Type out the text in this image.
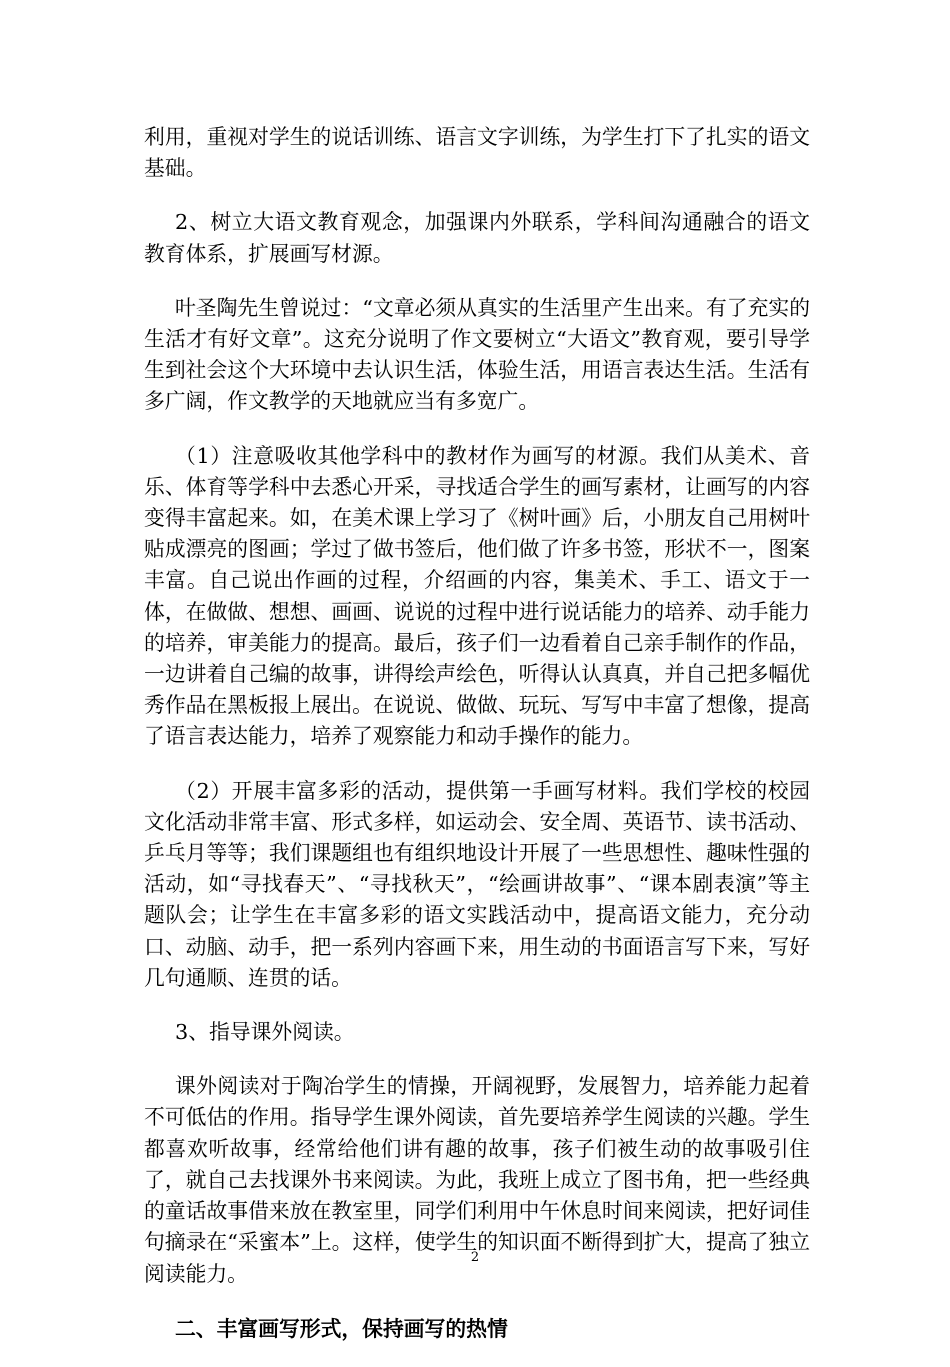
利用，重视对学生的说话训练、语言文字训练，为学生打下了扎实的语文基础。

2、树立大语文教育观念，加强课内外联系，学科间沟通融合的语文教育体系，扩展画写材源。

叶圣陶先生曾说过：“文章必须从真实的生活里产生出来。有了充实的生活才有好文章”。这充分说明了作文要树立“大语文”教育观，要引导学生到社会这个大环境中去认识生活，体验生活，用语言表达生活。生活有多广阔，作文教学的天地就应当有多宽广。

（1）注意吸收其他学科中的教材作为画写的材源。我们从美术、音乐、体育等学科中去悉心开采，寻找适合学生的画写素材，让画写的内容变得丰富起来。如，在美术课上学习了《树叶画》后，小朋友自己用树叶贴成漂亮的图画；学过了做书签后，他们做了许多书签，形状不一，图案丰富。自己说出作画的过程，介绍画的内容，集美术、手工、语文于一体，在做做、想想、画画、说说的过程中进行说话能力的培养、动手能力的培养，审美能力的提高。最后，孩子们一边看着自己亲手制作的作品，一边讲着自己编的故事，讲得绘声绘色，听得认认真真，并自己把多幅优秀作品在黑板报上展出。在说说、做做、玩玩、写写中丰富了想像，提高了语言表达能力，培养了观察能力和动手操作的能力。

（2）开展丰富多彩的活动，提供第一手画写材料。我们学校的校园文化活动非常丰富、形式多样，如运动会、安全周、英语节、读书活动、乒乓月等等；我们课题组也有组织地设计开展了一些思想性、趣味性强的活动，如“寻找春天”、“寻找秋天”，“绘画讲故事”、“课本剧表演”等主题队会；让学生在丰富多彩的语文实践活动中，提高语文能力，充分动口、动脑、动手，把一系列内容画下来，用生动的书面语言写下来，写好几句通顺、连贯的话。

3、指导课外阅读。

课外阅读对于陶冶学生的情操，开阔视野，发展智力，培养能力起着不可低估的作用。指导学生课外阅读，首先要培养学生阅读的兴趣。学生都喜欢听故事，经常给他们讲有趣的故事，孩子们被生动的故事吸引住了，就自己去找课外书来阅读。为此，我班上成立了图书角，把一些经典的童话故事借来放在教室里，同学们利用中午休息时间来阅读，把好词佳句摘录在“采蜜本”上。这样，使学生的知识面不断得到扩大，提高了独立阅读能力。

二、丰富画写形式，保持画写的热情

2
